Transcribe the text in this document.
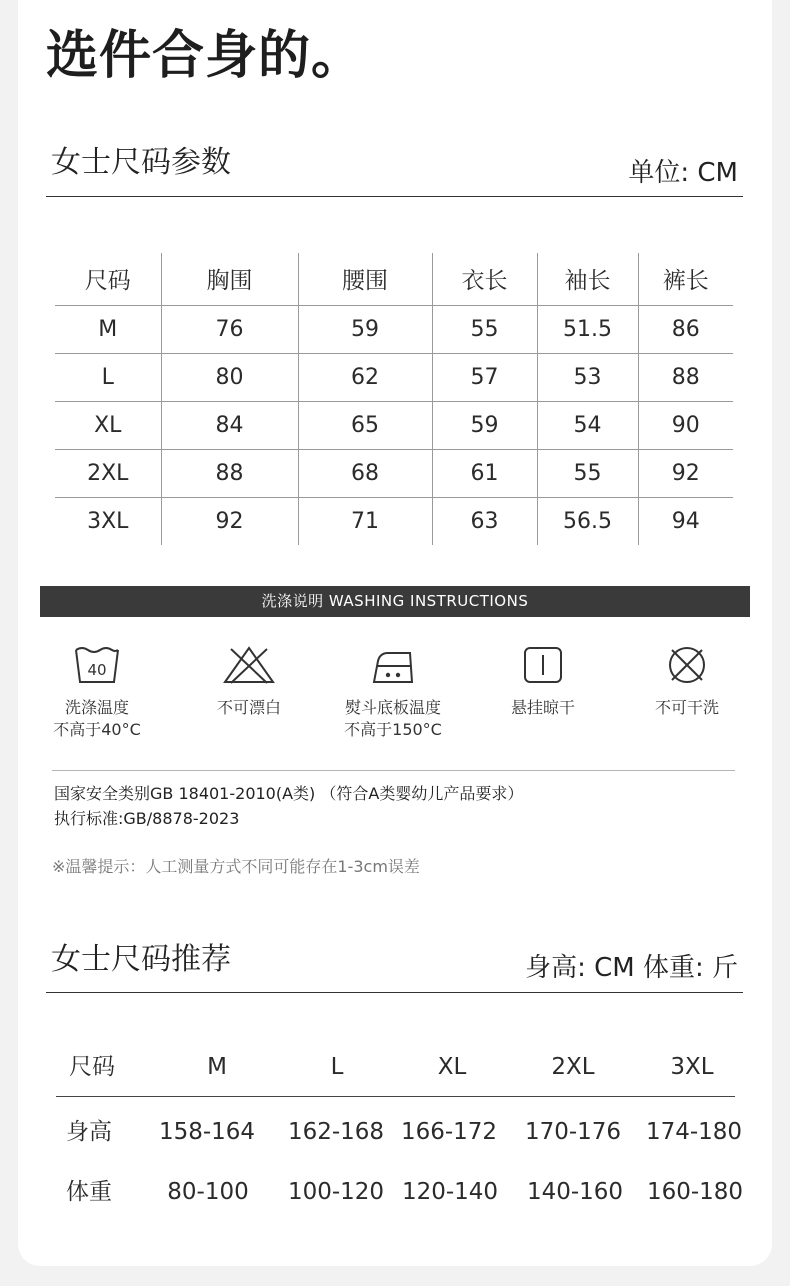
选件合身的。
女士尺码参数	单位: CM
尺码	胸围	腰围	衣长	袖长	裤长
M	76	59	55	51.5	86
L	80	62	57	53	88
XL	84	65	59	54	90
2XL	88	68	61	55	92
3XL	92	71	63	56.5	94
洗涤说明 WASHING INSTRUCTIONS
40
洗涤温度
不高于40°C
不可漂白	熨斗底板温度
不高于150°C
悬挂晾干	不可干洗
国家安全类别GB 18401-2010(A类) （符合A类婴幼儿产品要求）
执行标准:GB/8878-2023
※温馨提示：人工测量方式不同可能存在1-3cm误差
女士尺码推荐	身高: CM 体重: 斤
尺码	M	L	XL	2XL	3XL
身高 158-164 162-168 166-172 170-176 174-180
体重 80-100 100-120 120-140 140-160 160-180
